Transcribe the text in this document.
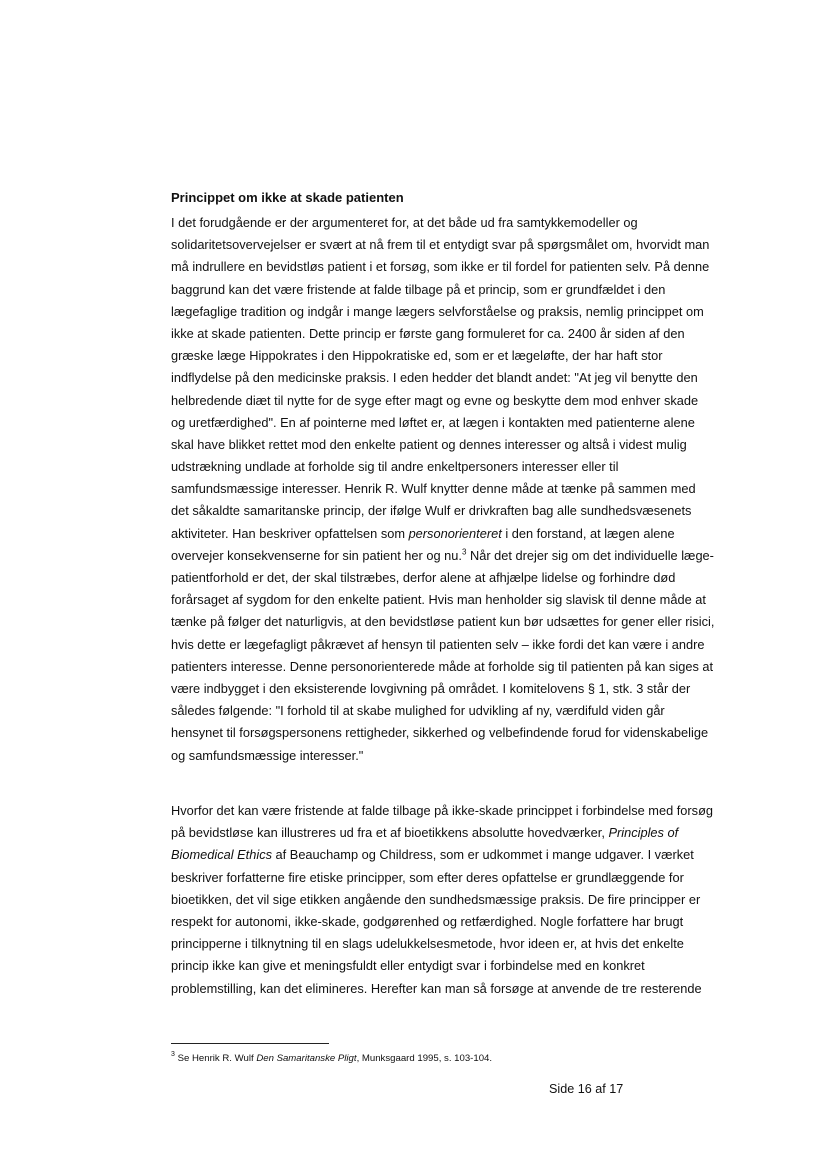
Princippet om ikke at skade patienten
I det forudgående er der argumenteret for, at det både ud fra samtykkemodeller og
solidaritetsovervejelser er svært at nå frem til et entydigt svar på spørgsmålet om, hvorvidt man
må indrullere en bevidstløs patient i et forsøg, som ikke er til fordel for patienten selv. På denne
baggrund kan det være fristende at falde tilbage på et princip, som er grundfældet i den
lægefaglige tradition og indgår i mange lægers selvforståelse og praksis, nemlig princippet om
ikke at skade patienten. Dette princip er første gang formuleret for ca. 2400 år siden af den
græske læge Hippokrates i den Hippokratiske ed, som er et lægeløfte, der har haft stor
indflydelse på den medicinske praksis. I eden hedder det blandt andet: "At jeg vil benytte den
helbredende diæt til nytte for de syge efter magt og evne og beskytte dem mod enhver skade
og uretfærdighed". En af pointerne med løftet er, at lægen i kontakten med patienterne alene
skal have blikket rettet mod den enkelte patient og dennes interesser og altså i videst mulig
udstrækning undlade at forholde sig til andre enkeltpersoners interesser eller til
samfundsmæssige interesser. Henrik R. Wulf knytter denne måde at tænke på sammen med
det såkaldte samaritanske princip, der ifølge Wulf er drivkraften bag alle sundhedsvæsenets
aktiviteter. Han beskriver opfattelsen som personorienteret i den forstand, at lægen alene
overvejer konsekvenserne for sin patient her og nu.$^3$ Når det drejer sig om det individuelle læge-
patientforhold er det, der skal tilstræbes, derfor alene at afhjælpe lidelse og forhindre død
forårsaget af sygdom for den enkelte patient. Hvis man henholder sig slavisk til denne måde at
tænke på følger det naturligvis, at den bevidstløse patient kun bør udsættes for gener eller risici,
hvis dette er lægefagligt påkrævet af hensyn til patienten selv – ikke fordi det kan være i andre
patienters interesse. Denne personorienterede måde at forholde sig til patienten på kan siges at
være indbygget i den eksisterende lovgivning på området. I komitelovens § 1, stk. 3 står der
således følgende: "I forhold til at skabe mulighed for udvikling af ny, værdifuld viden går
hensynet til forsøgspersonens rettigheder, sikkerhed og velbefindende forud for videnskabelige
og samfundsmæssige interesser."
Hvorfor det kan være fristende at falde tilbage på ikke-skade princippet i forbindelse med forsøg
på bevidstløse kan illustreres ud fra et af bioetikkens absolutte hovedværker, Principles of
Biomedical Ethics af Beauchamp og Childress, som er udkommet i mange udgaver. I værket
beskriver forfatterne fire etiske principper, som efter deres opfattelse er grundlæggende for
bioetikken, det vil sige etikken angående den sundhedsmæssige praksis. De fire principper er
respekt for autonomi, ikke-skade, godgørenhed og retfærdighed. Nogle forfattere har brugt
principperne i tilknytning til en slags udelukkelsesmetode, hvor ideen er, at hvis det enkelte
princip ikke kan give et meningsfuldt eller entydigt svar i forbindelse med en konkret
problemstilling, kan det elimineres. Herefter kan man så forsøge at anvende de tre resterende
$^3$ Se Henrik R. Wulf Den Samaritanske Pligt, Munksgaard 1995, s. 103-104.
Side 16 af 17
